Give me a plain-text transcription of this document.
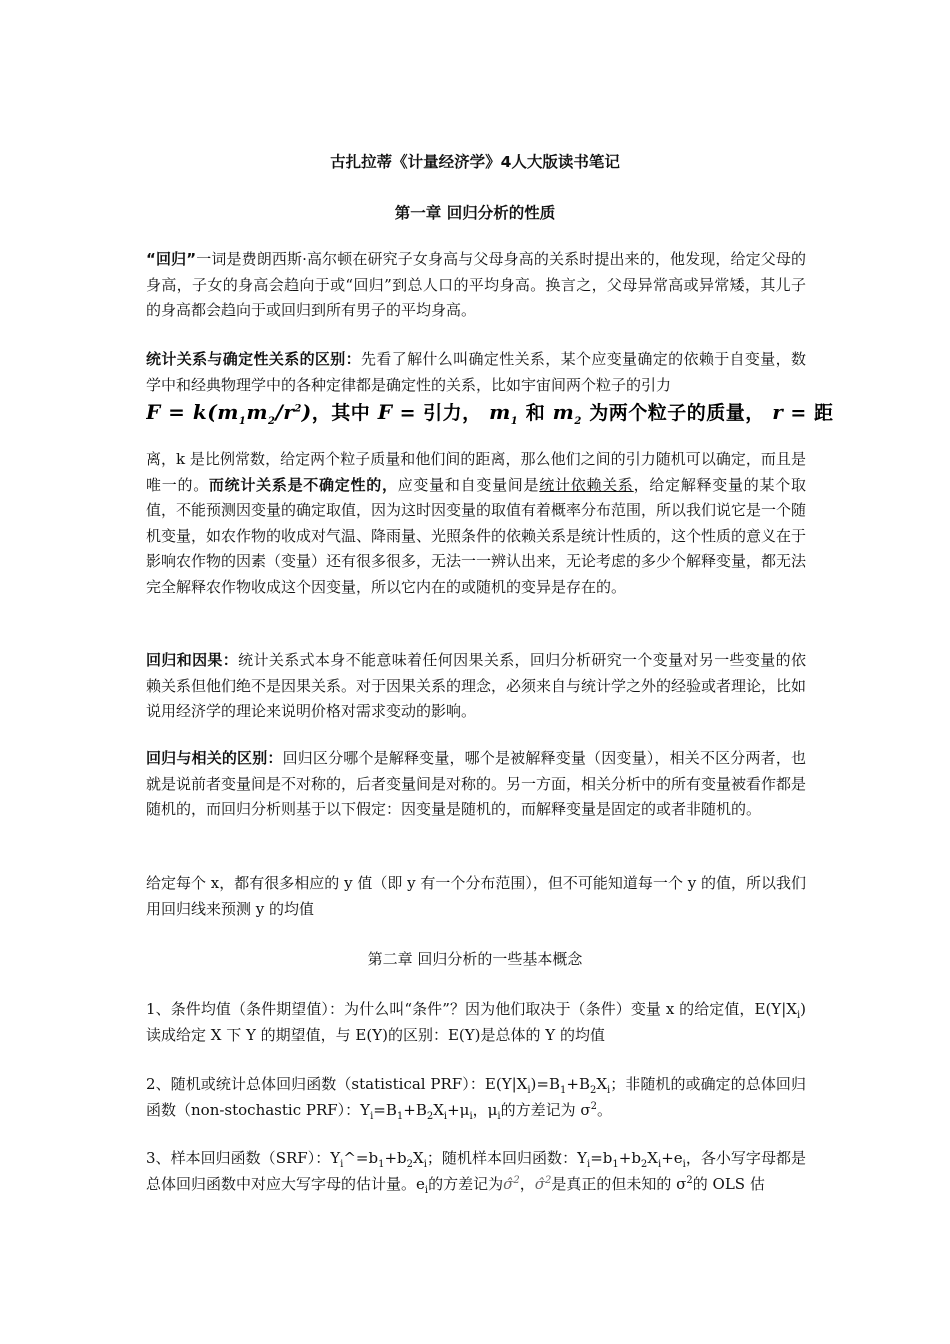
古扎拉蒂《计量经济学》4人大版读书笔记
第一章 回归分析的性质
“回归”一词是费朗西斯·高尔顿在研究子女身高与父母身高的关系时提出来的，他发现，给定父母的身高，子女的身高会趋向于或“回归”到总人口的平均身高。换言之，父母异常高或异常矮，其儿子的身高都会趋向于或回归到所有男子的平均身高。
统计关系与确定性关系的区别：先看了解什么叫确定性关系，某个应变量确定的依赖于自变量，数学中和经典物理学中的各种定律都是确定性的关系，比如宇宙间两个粒子的引力
$F = k(m_1m_2/r^2)$，其中 F = 引力， $m_1$ 和 $m_2$ 为两个粒子的质量， r = 距
离，k 是比例常数，给定两个粒子质量和他们间的距离，那么他们之间的引力随机可以确定，而且是唯一的。而统计关系是不确定性的，应变量和自变量间是统计依赖关系，给定解释变量的某个取值，不能预测因变量的确定取值，因为这时因变量的取值有着概率分布范围，所以我们说它是一个随机变量，如农作物的收成对气温、降雨量、光照条件的依赖关系是统计性质的，这个性质的意义在于影响农作物的因素（变量）还有很多很多，无法一一辨认出来，无论考虑的多少个解释变量，都无法完全解释农作物收成这个因变量，所以它内在的或随机的变异是存在的。
回归和因果：统计关系式本身不能意味着任何因果关系，回归分析研究一个变量对另一些变量的依赖关系但他们绝不是因果关系。对于因果关系的理念，必须来自与统计学之外的经验或者理论，比如说用经济学的理论来说明价格对需求变动的影响。
回归与相关的区别：回归区分哪个是解释变量，哪个是被解释变量（因变量），相关不区分两者，也就是说前者变量间是不对称的，后者变量间是对称的。另一方面，相关分析中的所有变量被看作都是随机的，而回归分析则基于以下假定：因变量是随机的，而解释变量是固定的或者非随机的。
给定每个 x，都有很多相应的 y 值（即 y 有一个分布范围），但不可能知道每一个 y 的值，所以我们用回归线来预测 y 的均值
第二章 回归分析的一些基本概念
1、条件均值（条件期望值）：为什么叫“条件”？因为他们取决于（条件）变量 x 的给定值，$E(Y|X_i)$读成给定 X 下 Y 的期望值，与 E(Y)的区别：E(Y)是总体的 Y 的均值
2、随机或统计总体回归函数（statistical PRF）：$E(Y|X_i)=B_1+B_2X_i$；非随机的或确定的总体回归函数（non-stochastic PRF）：$Y_i=B_1+B_2X_i+\mu_i$，$\mu_i$的方差记为 $\sigma^2$。
3、样本回归函数（SRF）：$Y_i\^{}=b_1+b_2X_i$；随机样本回归函数：$Y_i=b_1+b_2X_i+e_i$，各小写字母都是总体回归函数中对应大写字母的估计量。$e_i$的方差记为σ̂$^2$，σ̂$^2$是真正的但未知的 $\sigma^2$的 OLS 估
